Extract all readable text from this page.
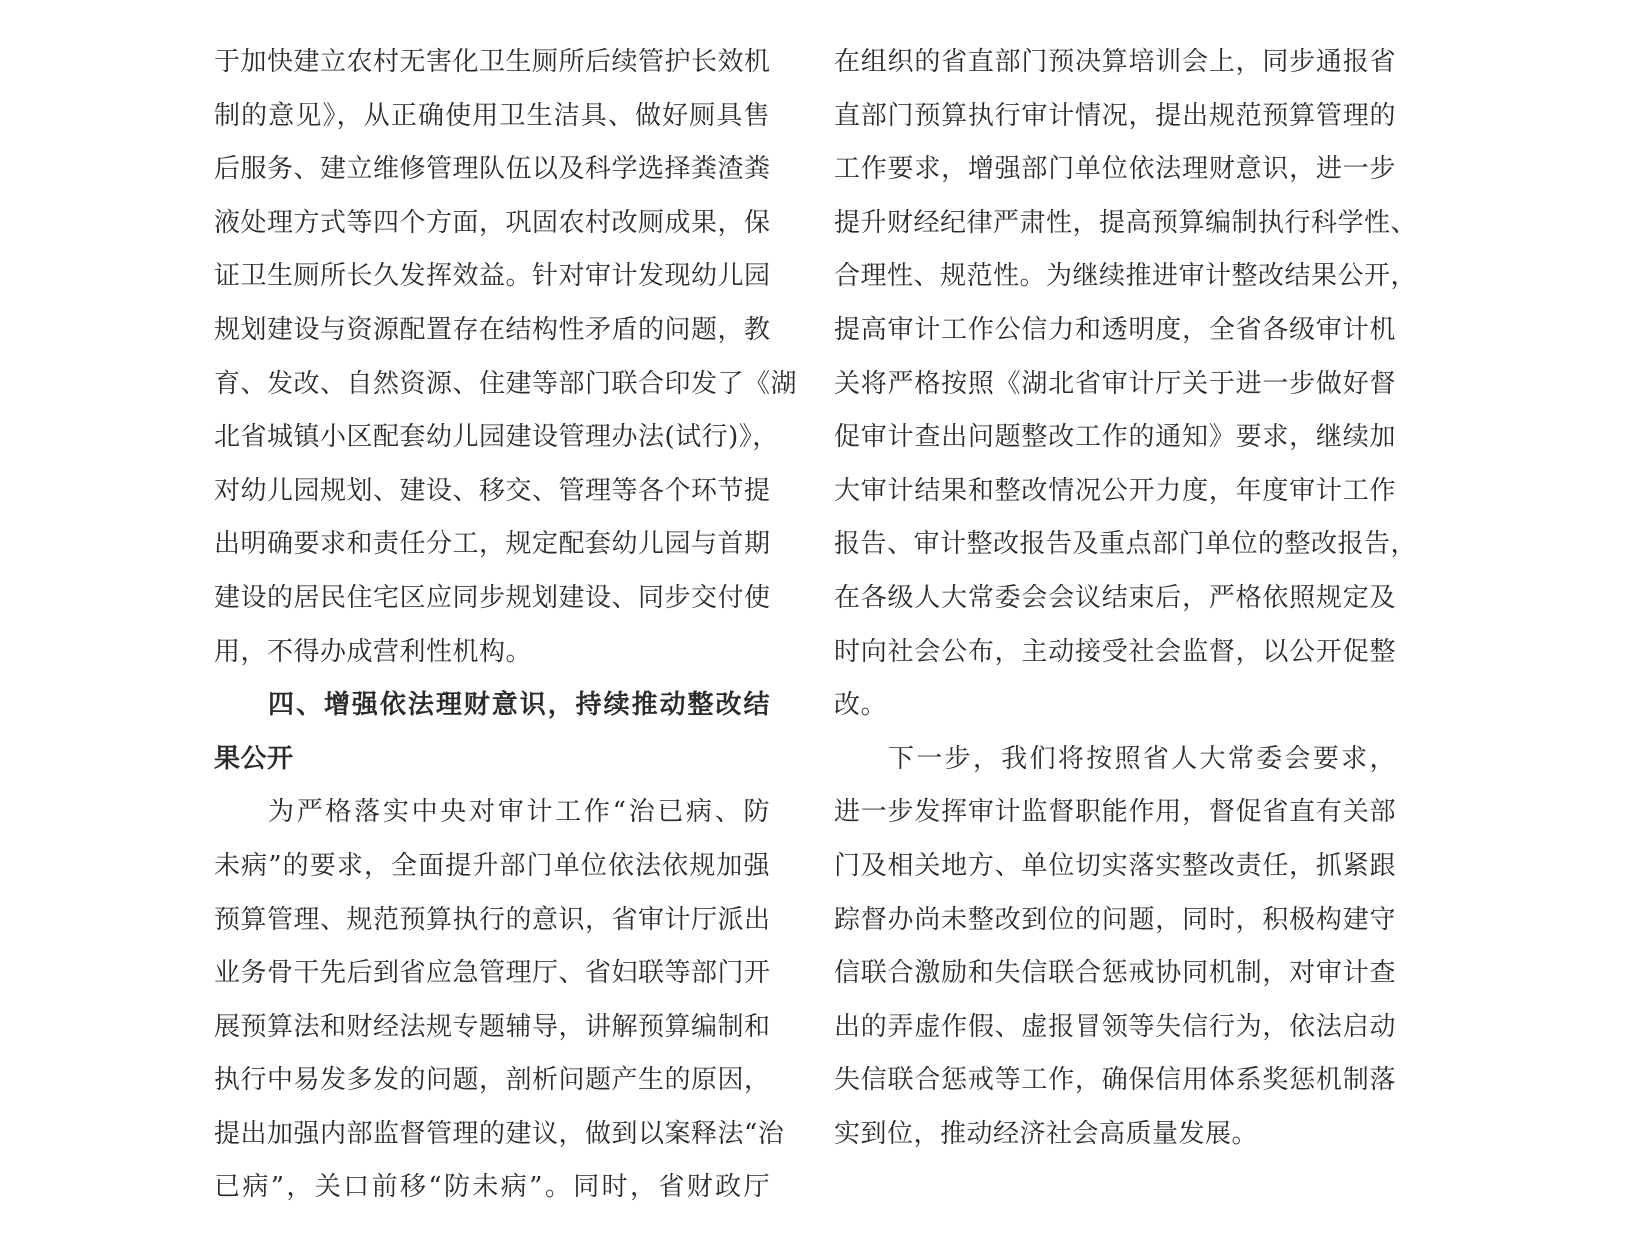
于加快建立农村无害化卫生厕所后续管护长效机
制的意见》，从正确使用卫生洁具、做好厕具售
后服务、建立维修管理队伍以及科学选择粪渣粪
液处理方式等四个方面，巩固农村改厕成果，保
证卫生厕所长久发挥效益。针对审计发现幼儿园
规划建设与资源配置存在结构性矛盾的问题，教
育、发改、自然资源、住建等部门联合印发了《湖
北省城镇小区配套幼儿园建设管理办法(试行)》，
对幼儿园规划、建设、移交、管理等各个环节提
出明确要求和责任分工，规定配套幼儿园与首期
建设的居民住宅区应同步规划建设、同步交付使
用，不得办成营利性机构。
四、增强依法理财意识，持续推动整改结
果公开
为严格落实中央对审计工作“治已病、防
未病”的要求，全面提升部门单位依法依规加强
预算管理、规范预算执行的意识，省审计厅派出
业务骨干先后到省应急管理厅、省妇联等部门开
展预算法和财经法规专题辅导，讲解预算编制和
执行中易发多发的问题，剖析问题产生的原因，
提出加强内部监督管理的建议，做到以案释法“治
已病”，关口前移“防未病”。同时，省财政厅
在组织的省直部门预决算培训会上，同步通报省
直部门预算执行审计情况，提出规范预算管理的
工作要求，增强部门单位依法理财意识，进一步
提升财经纪律严肃性，提高预算编制执行科学性、
合理性、规范性。为继续推进审计整改结果公开，
提高审计工作公信力和透明度，全省各级审计机
关将严格按照《湖北省审计厅关于进一步做好督
促审计查出问题整改工作的通知》要求，继续加
大审计结果和整改情况公开力度，年度审计工作
报告、审计整改报告及重点部门单位的整改报告，
在各级人大常委会会议结束后，严格依照规定及
时向社会公布，主动接受社会监督，以公开促整
改。
下一步，我们将按照省人大常委会要求，
进一步发挥审计监督职能作用，督促省直有关部
门及相关地方、单位切实落实整改责任，抓紧跟
踪督办尚未整改到位的问题，同时，积极构建守
信联合激励和失信联合惩戒协同机制，对审计查
出的弄虚作假、虚报冒领等失信行为，依法启动
失信联合惩戒等工作，确保信用体系奖惩机制落
实到位，推动经济社会高质量发展。
